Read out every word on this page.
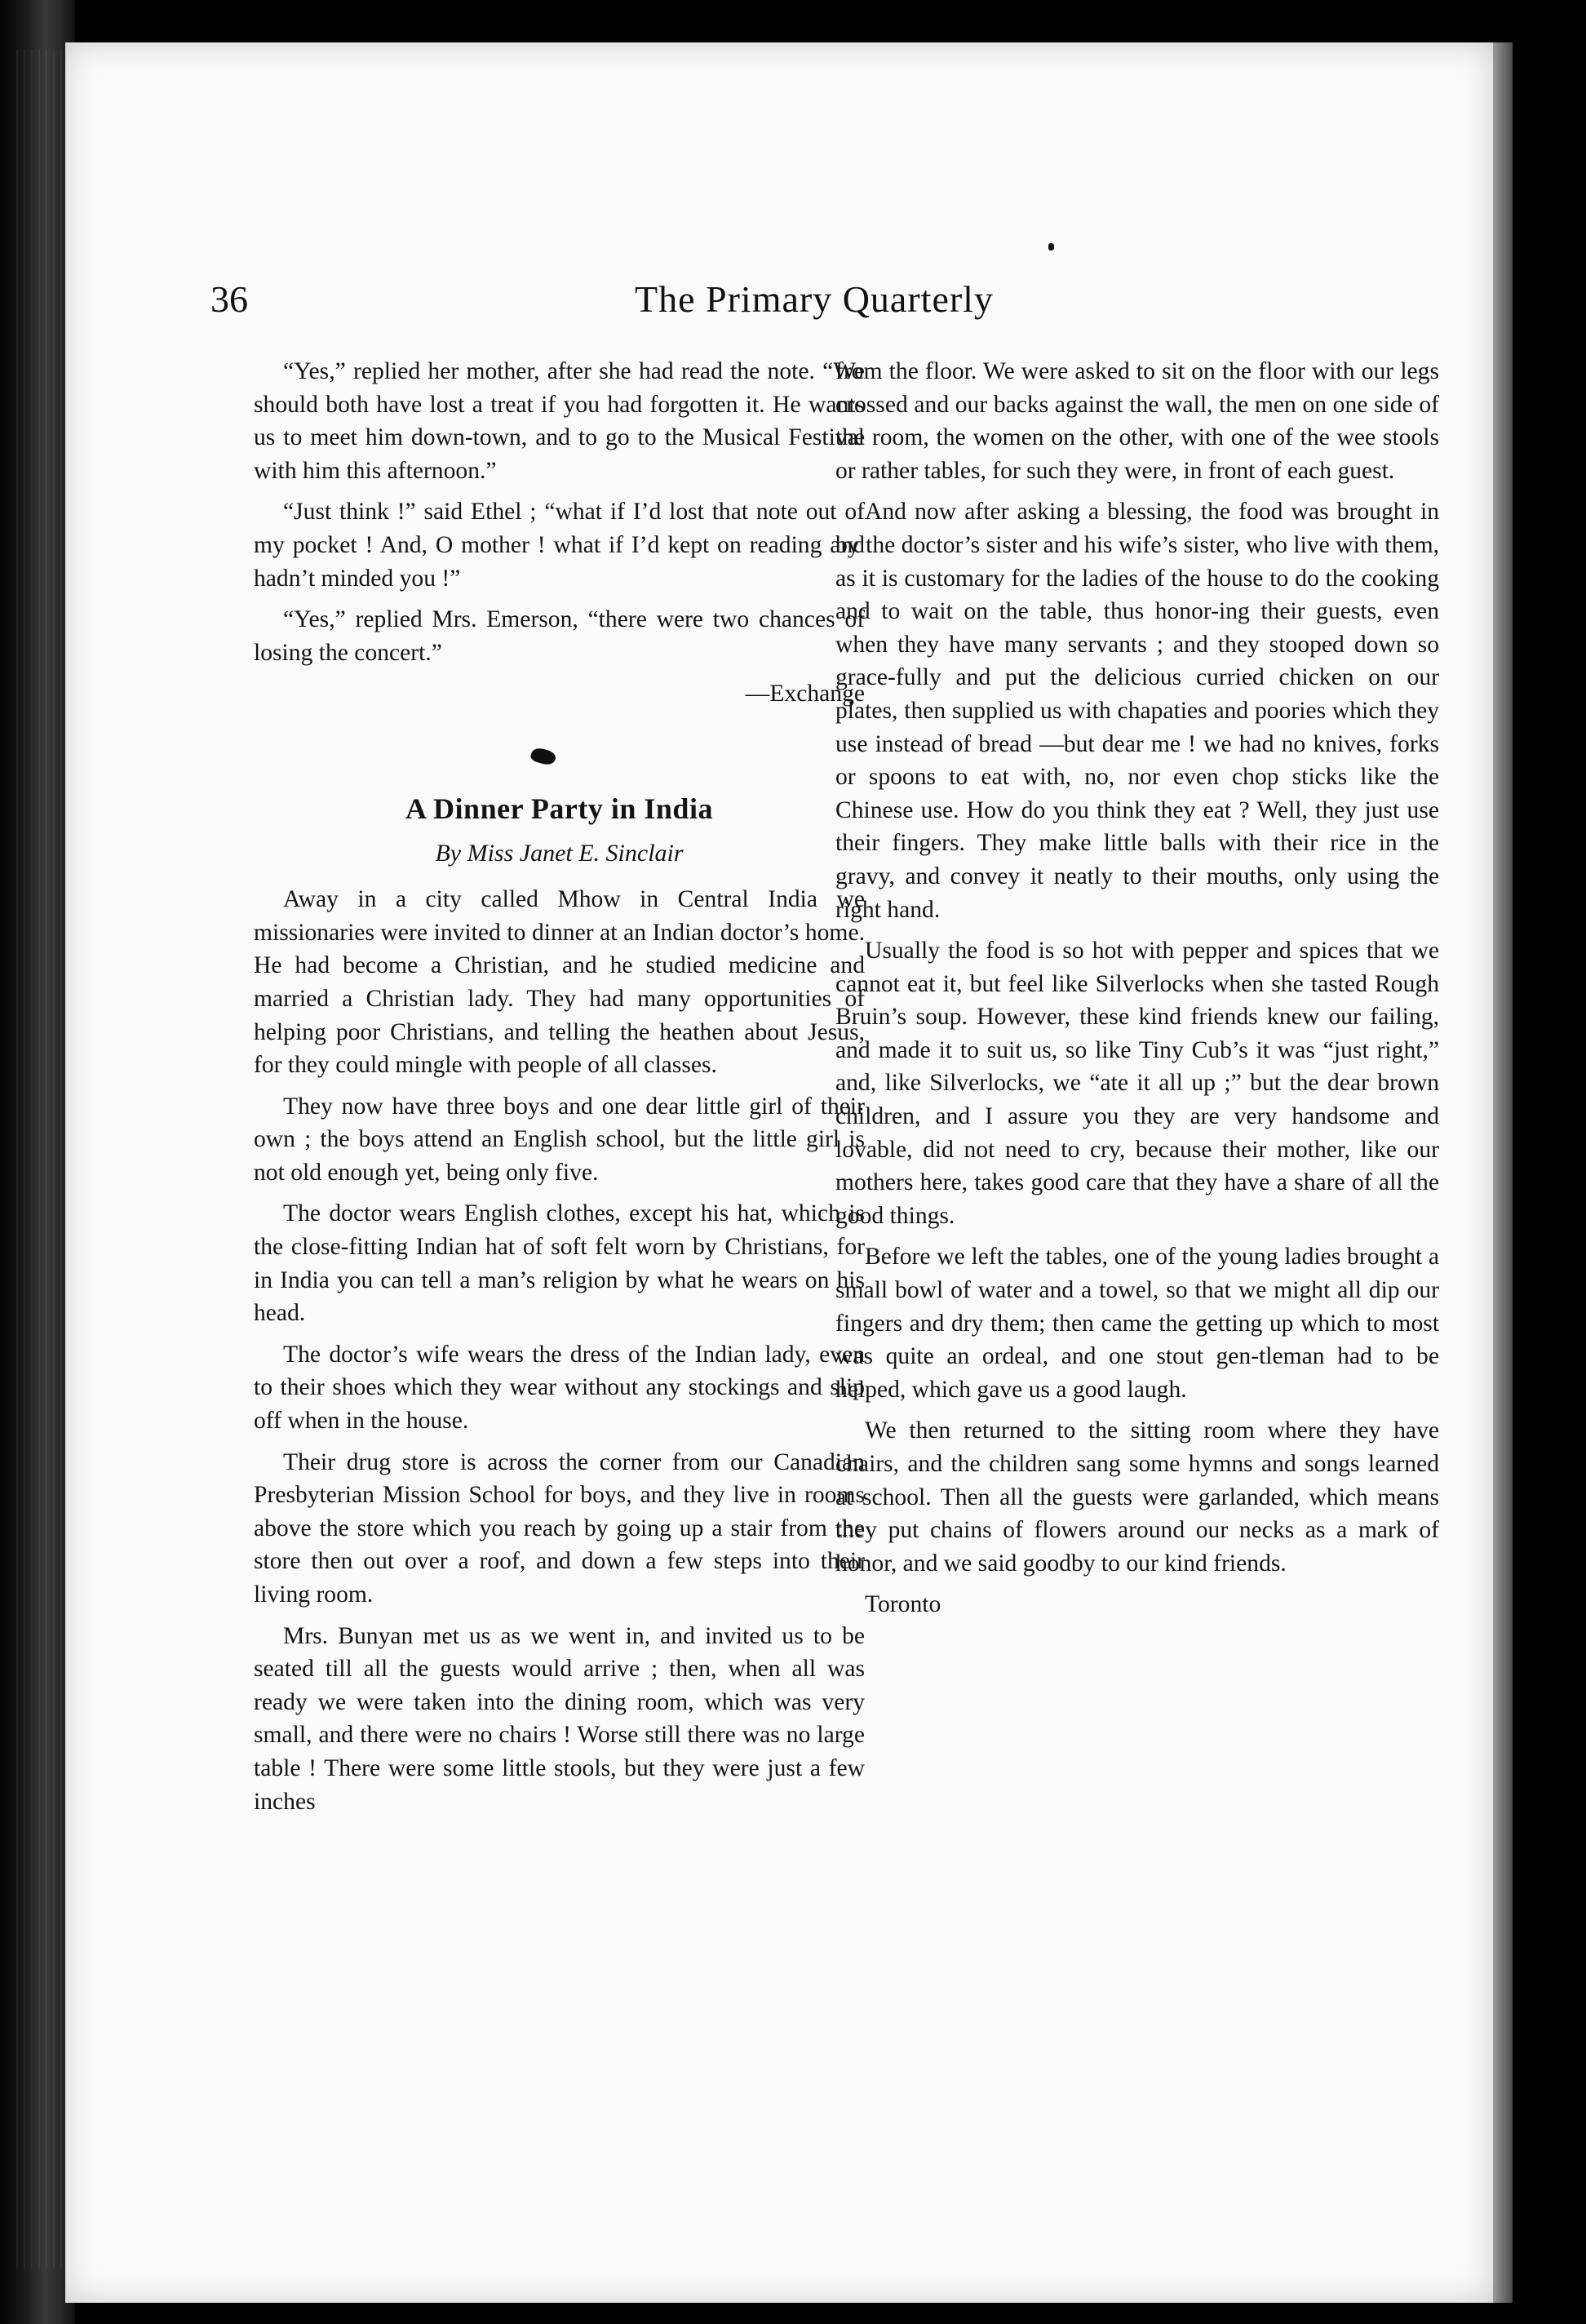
36	The Primary Quarterly

“Yes,” replied her mother, after she had read the note. “We should both have lost a treat if you had forgotten it. He wants us to meet him down-town, and to go to the Musical Festival with him this afternoon.”

“Just think !” said Ethel ; “what if I’d lost that note out of my pocket ! And, O mother ! what if I’d kept on reading and hadn’t minded you !”

“Yes,” replied Mrs. Emerson, “there were two chances of losing the concert.”

—Exchange
A Dinner Party in India
By Miss Janet E. Sinclair

Away in a city called Mhow in Central India we missionaries were invited to dinner at an Indian doctor’s home. He had become a Christian, and he studied medicine and married a Christian lady. They had many opportunities of helping poor Christians, and telling the heathen about Jesus, for they could mingle with people of all classes.

They now have three boys and one dear little girl of their own ; the boys attend an English school, but the little girl is not old enough yet, being only five.

The doctor wears English clothes, except his hat, which is the close-fitting Indian hat of soft felt worn by Christians, for in India you can tell a man’s religion by what he wears on his head.

The doctor’s wife wears the dress of the Indian lady, even to their shoes which they wear without any stockings and slip off when in the house.

Their drug store is across the corner from our Canadian Presbyterian Mission School for boys, and they live in rooms above the store which you reach by going up a stair from the store then out over a roof, and down a few steps into their living room.

Mrs. Bunyan met us as we went in, and invited us to be seated till all the guests would arrive ; then, when all was ready we were taken into the dining room, which was very small, and there were no chairs ! Worse still there was no large table ! There were some little stools, but they were just a few inches

from the floor. We were asked to sit on the floor with our legs crossed and our backs against the wall, the men on one side of the room, the women on the other, with one of the wee stools or rather tables, for such they were, in front of each guest.

And now after asking a blessing, the food was brought in by the doctor’s sister and his wife’s sister, who live with them, as it is customary for the ladies of the house to do the cooking and to wait on the table, thus honor-ing their guests, even when they have many servants ; and they stooped down so grace-fully and put the delicious curried chicken on our plates, then supplied us with chapaties and poories which they use instead of bread —but dear me ! we had no knives, forks or spoons to eat with, no, nor even chop sticks like the Chinese use. How do you think they eat ? Well, they just use their fingers. They make little balls with their rice in the gravy, and convey it neatly to their mouths, only using the right hand.

Usually the food is so hot with pepper and spices that we cannot eat it, but feel like Silverlocks when she tasted Rough Bruin’s soup. However, these kind friends knew our failing, and made it to suit us, so like Tiny Cub’s it was “just right,” and, like Silverlocks, we “ate it all up ;” but the dear brown children, and I assure you they are very handsome and lovable, did not need to cry, because their mother, like our mothers here, takes good care that they have a share of all the good things.

Before we left the tables, one of the young ladies brought a small bowl of water and a towel, so that we might all dip our fingers and dry them; then came the getting up which to most was quite an ordeal, and one stout gen-tleman had to be helped, which gave us a good laugh.

We then returned to the sitting room where they have chairs, and the children sang some hymns and songs learned at school. Then all the guests were garlanded, which means they put chains of flowers around our necks as a mark of honor, and we said goodby to our kind friends.

Toronto
